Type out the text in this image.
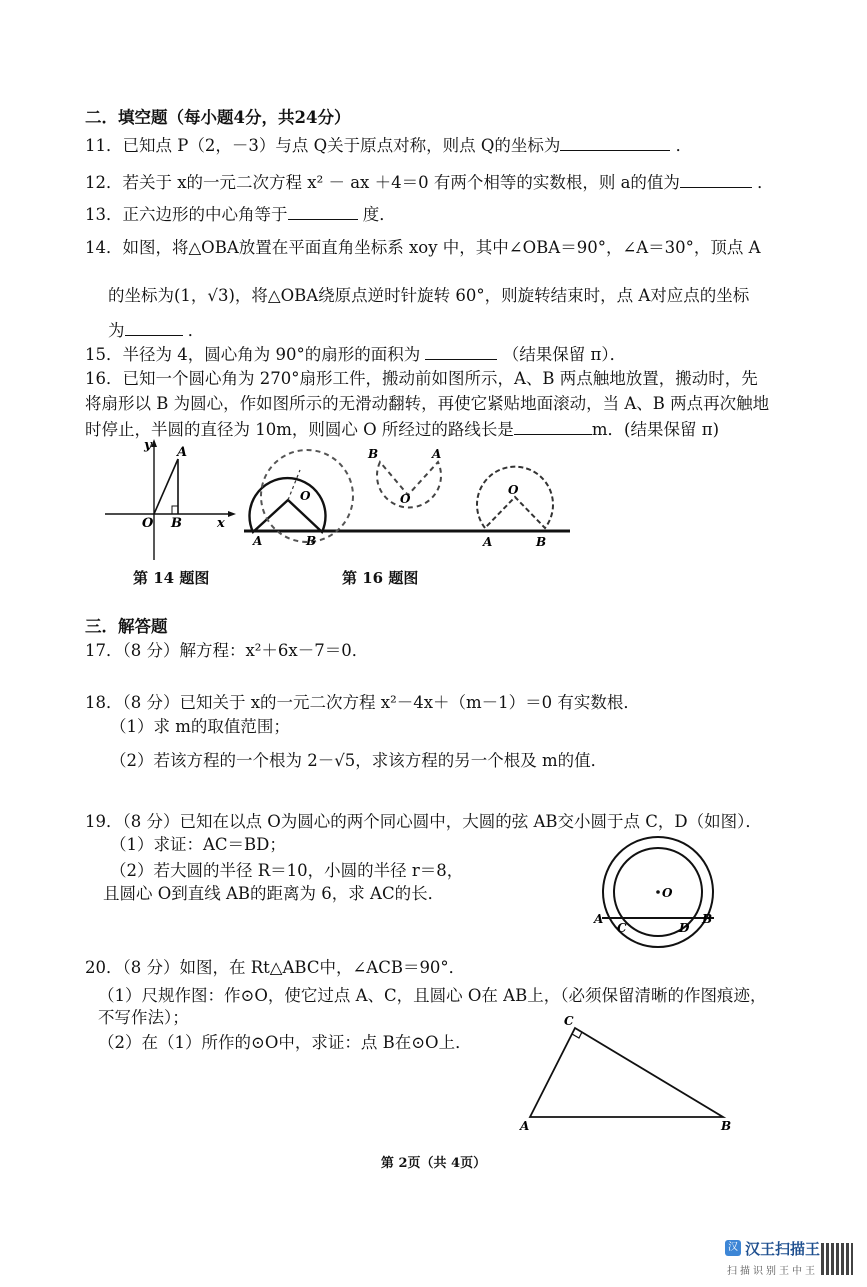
二．填空题（每小题4分，共24分）
11．已知点 P（2，－3）与点 Q关于原点对称，则点 Q的坐标为	．
12．若关于 x的一元二次方程 x² － ax ＋4＝0 有两个相等的实数根，则 a的值为	．
13．正六边形的中心角等于	度．
14．如图，将△OBA放置在平面直角坐标系 xoy 中，其中∠OBA＝90°，∠A＝30°，顶点 A
的坐标为(1，√3)，将△OBA绕原点逆时针旋转 60°，则旋转结束时，点 A对应点的坐标
为	．
15．半径为 4，圆心角为 90°的扇形的面积为	（结果保留 π）．
16．已知一个圆心角为 270°扇形工件，搬动前如图所示，A、B 两点触地放置，搬动时，先
将扇形以 B 为圆心，作如图所示的无滑动翻转，再使它紧贴地面滚动，当 A、B 两点再次触地
时停止，半圆的直径为 10m，则圆心 O 所经过的路线长是	m．(结果保留 π)
y
x
O
A
B
第 14 题图
A	B
O
B	A
O
A	B
O
第 16 题图
三．解答题
17．（8 分）解方程：x²＋6x－7＝0．
18．（8 分）已知关于 x的一元二次方程 x²－4x＋（m－1）＝0 有实数根．
（1）求 m的取值范围；
（2）若该方程的一个根为 2－√5，求该方程的另一个根及 m的值．
19．（8 分）已知在以点 O为圆心的两个同心圆中，大圆的弦 AB交小圆于点 C，D（如图）．
（1）求证：AC＝BD；
（2）若大圆的半径 R＝10，小圆的半径 r＝8，
且圆心 O到直线 AB的距离为 6，求 AC的长．	O
A	B
C	D
20．（8 分）如图，在 Rt△ABC中，∠ACB＝90°．
（1）尺规作图：作⊙O，使它过点 A、C，且圆心 O在 AB上，（必须保留清晰的作图痕迹，
不写作法）；
（2）在（1）所作的⊙O中，求证：点 B在⊙O上．
A	B
C
第 2页（共 4页）
汉 汉王扫描王
扫描识别王中王
